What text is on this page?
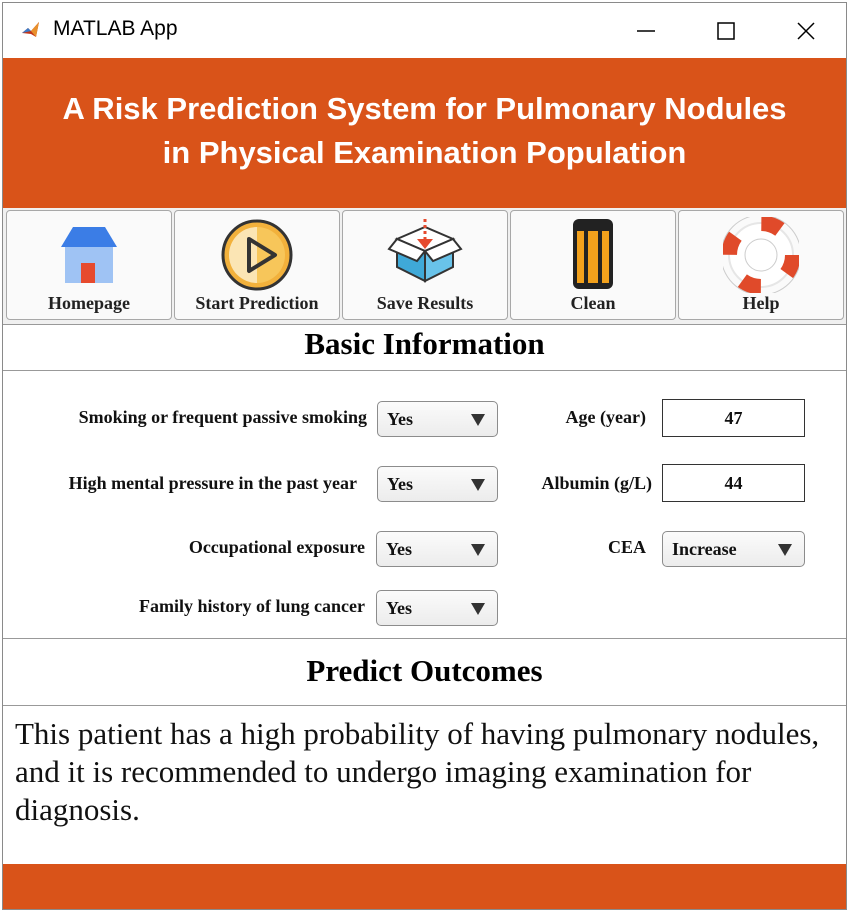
MATLAB App
A Risk Prediction System for Pulmonary Nodules in Physical Examination Population
Homepage	Start Prediction	Save Results	Clean	Help
Basic Information
Smoking or frequent passive smoking Yes
High mental pressure in the past year Yes
Occupational exposure Yes
Family history of lung cancer Yes
Age (year)	47
Albumin (g/L)	44
CEA Increase
Predict Outcomes
This patient has a high probability of having pulmonary nodules, and it is recommended to undergo imaging examination for diagnosis.
